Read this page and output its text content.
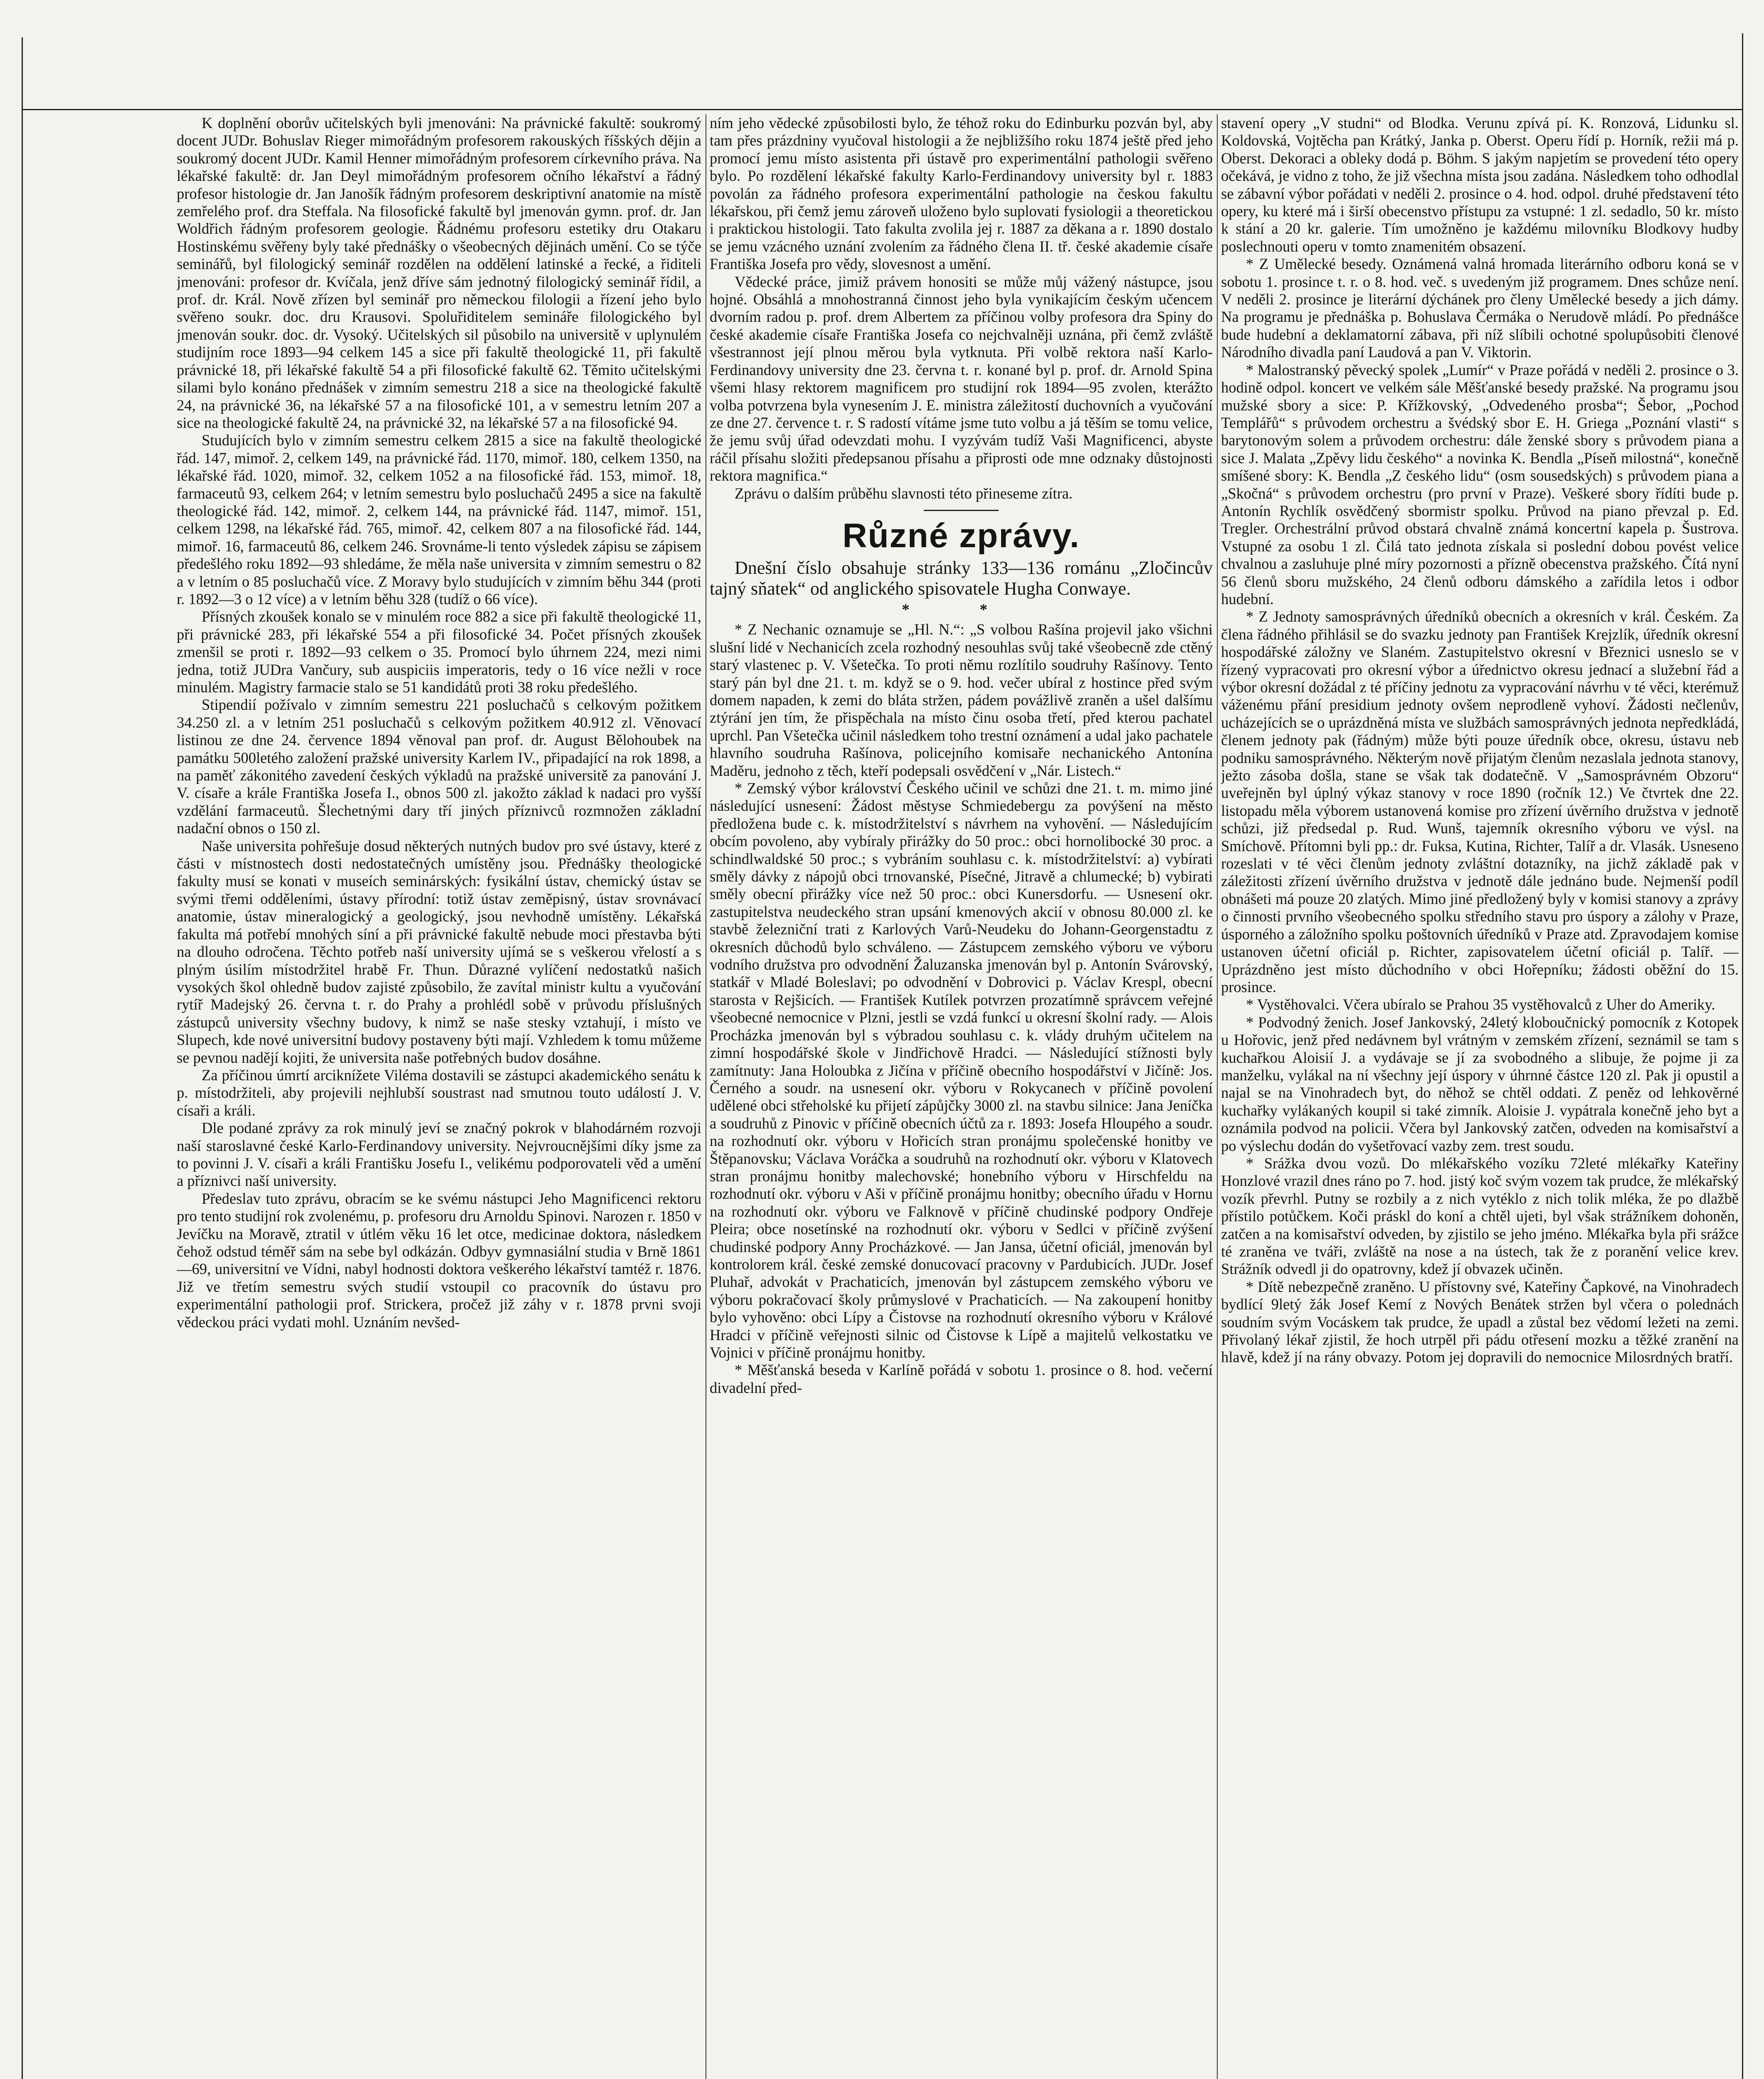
K doplnění oborův učitelských byli jmenováni: Na právnické fakultě: soukromý docent JUDr. Bohuslav Rieger mimořádným profesorem rakouských říšských dějin a soukromý docent JUDr. Kamil Henner mimořádným profesorem církevního práva. Na lékařské fakultě: dr. Jan Deyl mimořádným profesorem očního lékařství a řádný profesor histologie dr. Jan Janošík řádným profesorem deskriptivní anatomie na místě zemřelého prof. dra Steffala. Na filosofické fakultě byl jmenován gymn. prof. dr. Jan Woldřich řádným profesorem geologie. Řádnému profesoru estetiky dru Otakaru Hostinskému svěřeny byly také přednášky o všeobecných dějinách umění. Co se týče seminářů, byl filologický seminář rozdělen na oddělení latinské a řecké, a řiditeli jmenováni: profesor dr. Kvíčala, jenž dříve sám jednotný filologický seminář řídil, a prof. dr. Král. Nově zřízen byl seminář pro německou filologii a řízení jeho bylo svěřeno soukr. doc. dru Krausovi. Spoluřiditelem semináře filologického byl jmenován soukr. doc. dr. Vysoký. Učitelských sil působilo na universitě v uplynulém studijním roce 1893—94 celkem 145 a sice při fakultě theologické 11, při fakultě právnické 18, při lékařské fakultě 54 a při filosofické fakultě 62. Těmito učitelskými silami bylo konáno přednášek v zimním semestru 218 a sice na theologické fakultě 24, na právnické 36, na lékařské 57 a na filosofické 101, a v semestru letním 207 a sice na theologické fakultě 24, na právnické 32, na lékařské 57 a na filosofické 94.

Studujících bylo v zimním semestru celkem 2815 a sice na fakultě theologické řád. 147, mimoř. 2, celkem 149, na právnické řád. 1170, mimoř. 180, celkem 1350, na lékařské řád. 1020, mimoř. 32, celkem 1052 a na filosofické řád. 153, mimoř. 18, farmaceutů 93, celkem 264; v letním semestru bylo posluchačů 2495 a sice na fakultě theologické řád. 142, mimoř. 2, celkem 144, na právnické řád. 1147, mimoř. 151, celkem 1298, na lékařské řád. 765, mimoř. 42, celkem 807 a na filosofické řád. 144, mimoř. 16, farmaceutů 86, celkem 246. Srovnáme-li tento výsledek zápisu se zápisem předešlého roku 1892—93 shledáme, že měla naše universita v zimním semestru o 82 a v letním o 85 posluchačů více. Z Moravy bylo studujících v zimním běhu 344 (proti r. 1892—3 o 12 více) a v letním běhu 328 (tudíž o 66 více).

Přísných zkoušek konalo se v minulém roce 882 a sice při fakultě theologické 11, při právnické 283, při lékařské 554 a při filosofické 34. Počet přísných zkoušek zmenšil se proti r. 1892—93 celkem o 35. Promocí bylo úhrnem 224, mezi nimi jedna, totiž JUDra Vančury, sub auspiciis imperatoris, tedy o 16 více nežli v roce minulém. Magistry farmacie stalo se 51 kandidátů proti 38 roku předešlého.

Stipendií požívalo v zimním semestru 221 posluchačů s celkovým požitkem 34.250 zl. a v letním 251 posluchačů s celkovým požitkem 40.912 zl. Věnovací listinou ze dne 24. července 1894 věnoval pan prof. dr. August Bělohoubek na památku 500letého založení pražské university Karlem IV., připadající na rok 1898, a na paměť zákonitého zavedení českých výkladů na pražské universitě za panování J. V. císaře a krále Františka Josefa I., obnos 500 zl. jakožto základ k nadaci pro vyšší vzdělání farmaceutů. Šlechetnými dary tří jiných příznivců rozmnožen základní nadační obnos o 150 zl.

Naše universita pohřešuje dosud některých nutných budov pro své ústavy, které z části v místnostech dosti nedostatečných umístěny jsou. Přednášky theologické fakulty musí se konati v museích seminárských: fysikální ústav, chemický ústav se svými třemi odděleními, ústavy přírodní: totiž ústav zeměpisný, ústav srovnávací anatomie, ústav mineralogický a geologický, jsou nevhodně umístěny. Lékařská fakulta má potřebí mnohých síní a při právnické fakultě nebude moci přestavba býti na dlouho odročena. Těchto potřeb naší university ujímá se s veškerou vřelostí a s plným úsilím místodržitel hrabě Fr. Thun. Důrazné vylíčení nedostatků našich vysokých škol ohledně budov zajisté způsobilo, že zavítal ministr kultu a vyučování rytíř Madejský 26. června t. r. do Prahy a prohlédl sobě v průvodu příslušných zástupců university všechny budovy, k nimž se naše stesky vztahují, i místo ve Slupech, kde nové universitní budovy postaveny býti mají. Vzhledem k tomu můžeme se pevnou nadějí kojiti, že universita naše potřebných budov dosáhne.

Za příčinou úmrtí arciknížete Viléma dostavili se zástupci akademického senátu k p. místodržiteli, aby projevili nejhlubší soustrast nad smutnou touto událostí J. V. císaři a králi.

Dle podané zprávy za rok minulý jeví se značný pokrok v blahodárném rozvoji naší staroslavné české Karlo-Ferdinandovy university. Nejvroucnějšími díky jsme za to povinni J. V. císaři a králi Františku Josefu I., velikému podporovateli věd a umění a příznivci naší university.

Předeslav tuto zprávu, obracím se ke svému nástupci Jeho Magnificenci rektoru pro tento studijní rok zvolenému, p. profesoru dru Arnoldu Spinovi. Narozen r. 1850 v Jevíčku na Moravě, ztratil v útlém věku 16 let otce, medicinae doktora, následkem čehož odstud téměř sám na sebe byl odkázán. Odbyv gymnasiální studia v Brně 1861—69, universitní ve Vídni, nabyl hodnosti doktora veškerého lékařství tamtéž r. 1876. Již ve třetím semestru svých studií vstoupil co pracovník do ústavu pro experimentální pathologii prof. Strickera, pročež již záhy v r. 1878 prvni svoji vědeckou práci vydati mohl. Uznáním nevšed-

ním jeho vědecké způsobilosti bylo, že téhož roku do Edinburku pozván byl, aby tam přes prázdniny vyučoval histologii a že nejbližšího roku 1874 ještě před jeho promocí jemu místo asistenta při ústavě pro experimentální pathologii svěřeno bylo. Po rozdělení lékařské fakulty Karlo-Ferdinandovy university byl r. 1883 povolán za řádného profesora experimentální pathologie na českou fakultu lékařskou, při čemž jemu zároveň uloženo bylo suplovati fysiologii a theoretickou i praktickou histologii. Tato fakulta zvolila jej r. 1887 za děkana a r. 1890 dostalo se jemu vzácného uznání zvolením za řádného člena II. tř. české akademie císaře Františka Josefa pro vědy, slovesnost a umění.

Vědecké práce, jimiž právem honositi se může můj vážený nástupce, jsou hojné. Obsáhlá a mnohostranná činnost jeho byla vynikajícím českým učencem dvorním radou p. prof. drem Albertem za příčinou volby profesora dra Spiny do české akademie císaře Františka Josefa co nejchvalněji uznána, při čemž zvláště všestrannost její plnou měrou byla vytknuta. Při volbě rektora naší Karlo-Ferdinandovy university dne 23. června t. r. konané byl p. prof. dr. Arnold Spina všemi hlasy rektorem magnificem pro studijní rok 1894—95 zvolen, kterážto volba potvrzena byla vynesením J. E. ministra záležitostí duchovních a vyučování ze dne 27. července t. r. S radostí vítáme jsme tuto volbu a já těším se tomu velice, že jemu svůj úřad odevzdati mohu. I vyzývám tudíž Vaši Magnificenci, abyste ráčil přísahu složiti předepsanou přísahu a připrosti ode mne odznaky důstojnosti rektora magnifica.“

Zprávu o dalším průběhu slavnosti této přineseme zítra.

Různé zprávy.

Dnešní číslo obsahuje stránky 133—136 románu „Zločincův tajný sňatek“ od anglického spisovatele Hugha Conwaye.

* *

* Z Nechanic oznamuje se „Hl. N.“: „S volbou Rašína projevil jako všichni slušní lidé v Nechanicích zcela rozhodný nesouhlas svůj také všeobecně zde ctěný starý vlastenec p. V. Všetečka. To proti němu rozlítilo soudruhy Rašínovy. Tento starý pán byl dne 21. t. m. když se o 9. hod. večer ubíral z hostince před svým domem napaden, k zemi do bláta stržen, pádem povážlivě zraněn a ušel dalšímu ztýrání jen tím, že přispěchala na místo činu osoba třetí, před kterou pachatel uprchl. Pan Všetečka učinil následkem toho trestní oznámení a udal jako pachatele hlavního soudruha Rašínova, policejního komisaře nechanického Antonína Maděru, jednoho z těch, kteří podepsali osvědčení v „Nár. Listech.“

* Zemský výbor království Českého učinil ve schůzi dne 21. t. m. mimo jiné následující usnesení: Žádost městyse Schmiedebergu za povýšení na město předložena bude c. k. místodržitelství s návrhem na vyhovění. — Následujícím obcím povoleno, aby vybíraly přirážky do 50 proc.: obci hornolibocké 30 proc. a schindlwaldské 50 proc.; s vybráním souhlasu c. k. místodržitelství: a) vybírati směly dávky z nápojů obci trnovanské, Písečné, Jitravě a chlumecké; b) vybirati směly obecní přirážky více než 50 proc.: obci Kunersdorfu. — Usnesení okr. zastupitelstva neudeckého stran upsání kmenových akcií v obnosu 80.000 zl. ke stavbě železniční trati z Karlových Varů-Neudeku do Johann-Georgenstadtu z okresních důchodů bylo schváleno. — Zástupcem zemského výboru ve výboru vodního družstva pro odvodnění Žaluzanska jmenován byl p. Antonín Svárovský, statkář v Mladé Boleslavi; po odvodnění v Dobrovici p. Václav Krespl, obecní starosta v Rejšicích. — František Kutílek potvrzen prozatímně správcem veřejné všeobecné nemocnice v Plzni, jestli se vzdá funkcí u okresní školní rady. — Alois Procházka jmenován byl s výbradou souhlasu c. k. vlády druhým učitelem na zimní hospodářské škole v Jindřichově Hradci. — Následující stížnosti byly zamítnuty: Jana Holoubka z Jičína v příčině obecního hospodářství v Jičíně: Jos. Černého a soudr. na usnesení okr. výboru v Rokycanech v příčině povolení udělené obci střeholské ku přijetí zápůjčky 3000 zl. na stavbu silnice: Jana Jeníčka a soudruhů z Pinovic v příčině obecních účtů za r. 1893: Josefa Hloupého a soudr. na rozhodnutí okr. výboru v Hořicích stran pronájmu společenské honitby ve Štěpanovsku; Václava Voráčka a soudruhů na rozhodnutí okr. výboru v Klatovech stran pronájmu honitby malechovské; honebního výboru v Hirschfeldu na rozhodnutí okr. výboru v Aši v příčině pronájmu honitby; obecního úřadu v Hornu na rozhodnutí okr. výboru ve Falknově v příčině chudinské podpory Ondřeje Pleira; obce nosetínské na rozhodnutí okr. výboru v Sedlci v příčině zvýšení chudinské podpory Anny Procházkové. — Jan Jansa, účetní oficiál, jmenován byl kontrolorem král. české zemské donucovací pracovny v Pardubicích. JUDr. Josef Pluhař, advokát v Prachaticích, jmenován byl zástupcem zemského výboru ve výboru pokračovací školy průmyslové v Prachaticích. — Na zakoupení honitby bylo vyhověno: obci Lípy a Čistovse na rozhodnutí okresního výboru v Králové Hradci v příčině veřejnosti silnic od Čistovse k Lípě a majitelů velkostatku ve Vojnici v příčině pronájmu honitby.

* Měšťanská beseda v Karlíně pořádá v sobotu 1. prosince o 8. hod. večerní divadelní před-

stavení opery „V studni“ od Blodka. Verunu zpívá pí. K. Ronzová, Lidunku sl. Koldovská, Vojtěcha pan Krátký, Janka p. Oberst. Operu řídí p. Horník, režii má p. Oberst. Dekoraci a oblekу dodá p. Böhm. S jakým napjetím se provedení této opery očekává, je vidno z toho, že již všechna místa jsou zadána. Následkem toho odhodlal se zábavní výbor pořádati v neděli 2. prosince o 4. hod. odpol. druhé představení této opery, ku které má i širší obecenstvo přístupu za vstupné: 1 zl. sedadlo, 50 kr. místo k stání a 20 kr. galerie. Tím umožněno je každému milovníku Blodkovy hudby poslechnouti operu v tomto znamenitém obsazení.

* Z Umělecké besedy. Oznámená valná hromada literárního odboru koná se v sobotu 1. prosince t. r. o 8. hod. več. s uvedeným již programem. Dnes schůze není. V neděli 2. prosince je literární dýchánek pro členy Umělecké besedy a jich dámy. Na programu je přednáška p. Bohuslava Čermáka o Nerudově mládí. Po přednášce bude hudební a deklamatorní zábava, při níž slíbili ochotné spolupůsobiti členové Národního divadla paní Laudová a pan V. Viktorin.

* Malostranský pěvecký spolek „Lumír“ v Praze pořádá v neděli 2. prosince o 3. hodině odpol. koncert ve velkém sále Měšťanské besedy pražské. Na programu jsou mužské sbory a sice: P. Křížkovský, „Odvedeného prosba“; Šebor, „Pochod Templářů“ s průvodem orchestru a švédský sbor E. H. Griega „Poznání vlasti“ s barytonovým solem a průvodem orchestru: dále ženské sbory s průvodem piana a sice J. Malata „Zpěvy lidu českého“ a novinka K. Bendla „Píseň milostná“, konečně smíšené sbory: K. Bendla „Z českého lidu“ (osm sousedských) s průvodem piana a „Skočná“ s průvodem orchestru (pro první v Praze). Veškeré sbory řídíti bude p. Antonín Rychlík osvědčený sbormistr spolku. Průvod na piano převzal p. Ed. Tregler. Orchestrální průvod obstará chvalně známá koncertní kapela p. Šustrova. Vstupné za osobu 1 zl. Čilá tato jednota získala si poslední dobou povést velice chvalnou a zasluhuje plné míry pozornosti a přízně obecenstva pražského. Čítá nyní 56 členů sboru mužského, 24 členů odboru dámského a zařídila letos i odbor hudební.

* Z Jednoty samosprávných úředníků obecních a okresních v král. Českém. Za člena řádného přihlásil se do svazku jednoty pan František Krejzlík, úředník okresní hospodářské záložny ve Slaném. Zastupitelstvo okresní v Březnici usneslo se v řízený vypracovati pro okresní výbor a úřednictvo okresu jednací a služební řád a výbor okresní dožádal z té příčiny jednotu za vypracování návrhu v té věci, kterémuž váženému přání presidium jednoty ovšem neprodleně vyhoví. Žádosti nečlenův, ucházejících se o uprázdněná místa ve službách samosprávných jednota nepředkládá, členem jednoty pak (řádným) může býti pouze úředník obce, okresu, ústavu neb podniku samosprávného. Některým nově přijatým členům nezaslala jednota stanovy, ježto zásoba došla, stane se však tak dodatečně. V „Samosprávném Obzoru“ uveřejněn byl úplný výkaz stanovy v roce 1890 (ročník 12.) Ve čtvrtek dne 22. listopadu měla výborem ustanovená komise pro zřízení úvěrního družstva v jednotě schůzi, již předsedal p. Rud. Wunš, tajemník okresního výboru ve výsl. na Smíchově. Přítomni byli pp.: dr. Fuksa, Kutina, Richter, Talíř a dr. Vlasák. Usneseno rozeslati v té věci členům jednoty zvláštní dotazníky, na jichž základě pak v záležitosti zřízení úvěrního družstva v jednotě dále jednáno bude. Nejmenší podíl obnášeti má pouze 20 zlatých. Mimo jiné předložený byly v komisi stanovy a zprávy o činnosti prvního všeobecného spolku středního stavu pro úspory a zálohy v Praze, úsporného a záložního spolku poštovních úředníků v Praze atd. Zpravodajem komise ustanoven účetní oficiál p. Richter, zapisovatelem účetní oficiál p. Talíř. — Uprázdněno jest místo důchodního v obci Hořepníku; žádosti oběžní do 15. prosince.

* Vystěhovalci. Včera ubíralo se Prahou 35 vystěhovalců z Uher do Ameriky.

* Podvodný ženich. Josef Jankovský, 24letý kloboučnický pomocník z Kotopek u Hořovic, jenž před nedávnem byl vrátným v zemském zřízení, seznámil se tam s kuchařkou Aloisií J. a vydávaje se jí za svobodného a slibuje, že pojme ji za manželku, vylákal na ní všechny její úspory v úhrnné částce 120 zl. Pak ji opustil a najal se na Vinohradech byt, do něhož se chtěl oddati. Z peněz od lehkověrné kuchařky vylákaných koupil si také zimník. Aloisie J. vypátrala konečně jeho byt a oznámila podvod na policii. Včera byl Jankovský zatčen, odveden na komisařství a po výslechu dodán do vyšetřovací vazby zem. trest soudu.

* Srážka dvou vozů. Do mlékařského vozíku 72leté mlékařky Kateřiny Honzlové vrazil dnes ráno po 7. hod. jistý koč svým vozem tak prudce, že mlékařský vozík převrhl. Putny se rozbily a z nich vytéklo z nich tolik mléka, že po dlažbě přístilo potůčkem. Koči práskl do koní a chtěl ujeti, byl však strážníkem dohoněn, zatčen a na komisařství odveden, by zjistilo se jeho jméno. Mlékařka byla při srážce té zraněna ve tváři, zvláště na nose a na ústech, tak že z poranění velice krev. Strážník odvedl ji do opatrovny, kdež jí obvazek učiněn.

* Dítě nebezpečně zraněno. U přístovny své, Kateřiny Čapkové, na Vinohradech bydlící 9letý žák Josef Kemí z Nových Benátek stržen byl včera o polednách soudním svým Vocáskem tak prudce, že upadl a zůstal bez vědomí ležeti na zemi. Přivolaný lékař zjistil, že hoch utrpěl při pádu otřesení mozku a těžké zranění na hlavě, kdež jí na rány obvazy. Potom jej dopravili do nemocnice Milosrdných bratří.
